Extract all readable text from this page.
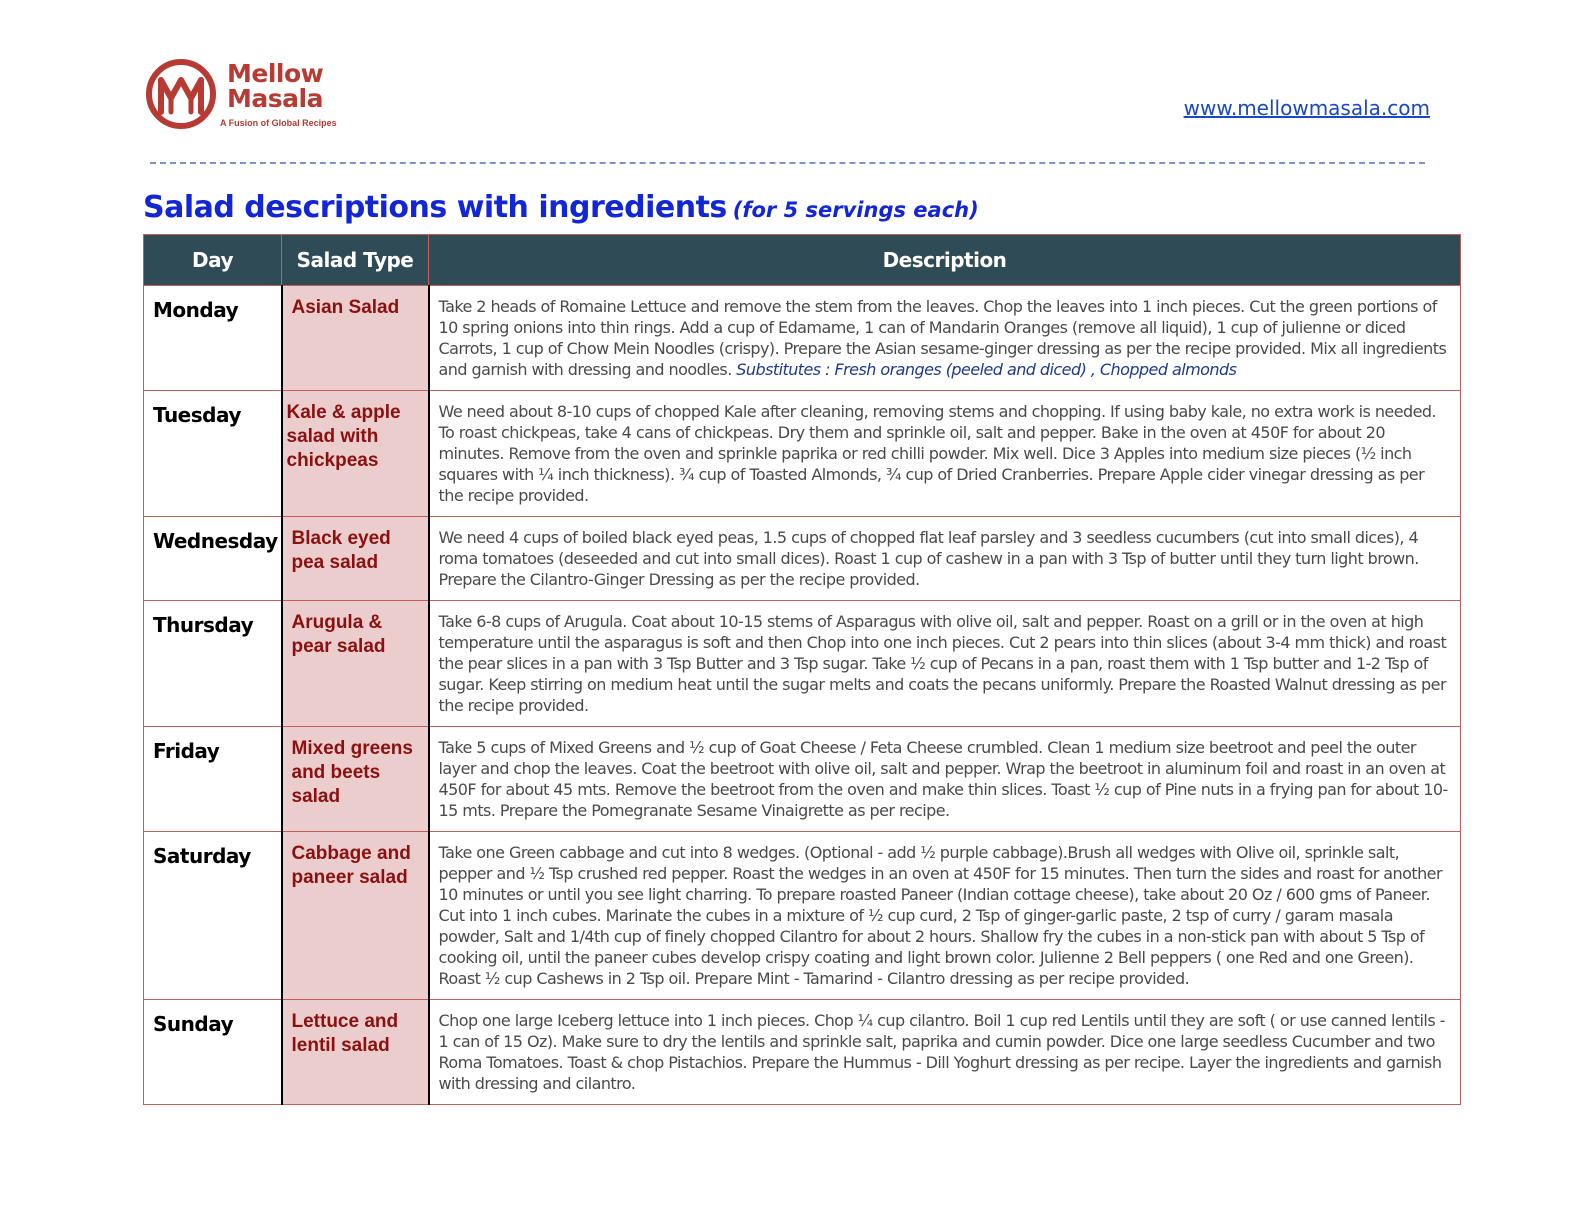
Mellow
Masala
A Fusion of Global Recipes
www.mellowmasala.com
Salad descriptions with ingredients (for 5 servings each)
Day	Salad Type	Description
Monday	Asian Salad	Take 2 heads of Romaine Lettuce and remove the stem from the leaves. Chop the leaves into 1 inch pieces. Cut the green portions of 10 spring onions into thin rings. Add a cup of Edamame, 1 can of Mandarin Oranges (remove all liquid), 1 cup of julienne or diced Carrots, 1 cup of Chow Mein Noodles (crispy). Prepare the Asian sesame-ginger dressing as per the recipe provided. Mix all ingredients and garnish with dressing and noodles. Substitutes : Fresh oranges (peeled and diced) , Chopped almonds
Tuesday	Kale & apple salad with chickpeas	We need about 8-10 cups of chopped Kale after cleaning, removing stems and chopping. If using baby kale, no extra work is needed. To roast chickpeas, take 4 cans of chickpeas. Dry them and sprinkle oil, salt and pepper. Bake in the oven at 450F for about 20 minutes. Remove from the oven and sprinkle paprika or red chilli powder. Mix well. Dice 3 Apples into medium size pieces (½ inch squares with ¼ inch thickness). ¾ cup of Toasted Almonds, ¾ cup of Dried Cranberries. Prepare Apple cider vinegar dressing as per the recipe provided.
Wednesday	Black eyed pea salad	We need 4 cups of boiled black eyed peas, 1.5 cups of chopped flat leaf parsley and 3 seedless cucumbers (cut into small dices), 4 roma tomatoes (deseeded and cut into small dices). Roast 1 cup of cashew in a pan with 3 Tsp of butter until they turn light brown. Prepare the Cilantro-Ginger Dressing as per the recipe provided.
Thursday	Arugula & pear salad	Take 6-8 cups of Arugula. Coat about 10-15 stems of Asparagus with olive oil, salt and pepper. Roast on a grill or in the oven at high temperature until the asparagus is soft and then Chop into one inch pieces. Cut 2 pears into thin slices (about 3-4 mm thick) and roast the pear slices in a pan with 3 Tsp Butter and 3 Tsp sugar. Take ½ cup of Pecans in a pan, roast them with 1 Tsp butter and 1-2 Tsp of sugar. Keep stirring on medium heat until the sugar melts and coats the pecans uniformly. Prepare the Roasted Walnut dressing as per the recipe provided.
Friday	Mixed greens and beets salad	Take 5 cups of Mixed Greens and ½ cup of Goat Cheese / Feta Cheese crumbled. Clean 1 medium size beetroot and peel the outer layer and chop the leaves. Coat the beetroot with olive oil, salt and pepper. Wrap the beetroot in aluminum foil and roast in an oven at 450F for about 45 mts. Remove the beetroot from the oven and make thin slices. Toast ½ cup of Pine nuts in a frying pan for about 10-15 mts. Prepare the Pomegranate Sesame Vinaigrette as per recipe.
Saturday	Cabbage and paneer salad	Take one Green cabbage and cut into 8 wedges. (Optional - add ½ purple cabbage).Brush all wedges with Olive oil, sprinkle salt, pepper and ½ Tsp crushed red pepper. Roast the wedges in an oven at 450F for 15 minutes. Then turn the sides and roast for another 10 minutes or until you see light charring. To prepare roasted Paneer (Indian cottage cheese), take about 20 Oz / 600 gms of Paneer. Cut into 1 inch cubes. Marinate the cubes in a mixture of ½ cup curd, 2 Tsp of ginger-garlic paste, 2 tsp of curry / garam masala powder, Salt and 1/4th cup of finely chopped Cilantro for about 2 hours. Shallow fry the cubes in a non-stick pan with about 5 Tsp of cooking oil, until the paneer cubes develop crispy coating and light brown color. Julienne 2 Bell peppers ( one Red and one Green). Roast ½ cup Cashews in 2 Tsp oil. Prepare Mint - Tamarind - Cilantro dressing as per recipe provided.
Sunday	Lettuce and lentil salad	Chop one large Iceberg lettuce into 1 inch pieces. Chop ¼ cup cilantro. Boil 1 cup red Lentils until they are soft ( or use canned lentils - 1 can of 15 Oz). Make sure to dry the lentils and sprinkle salt, paprika and cumin powder. Dice one large seedless Cucumber and two Roma Tomatoes. Toast & chop Pistachios. Prepare the Hummus - Dill Yoghurt dressing as per recipe. Layer the ingredients and garnish with dressing and cilantro.
